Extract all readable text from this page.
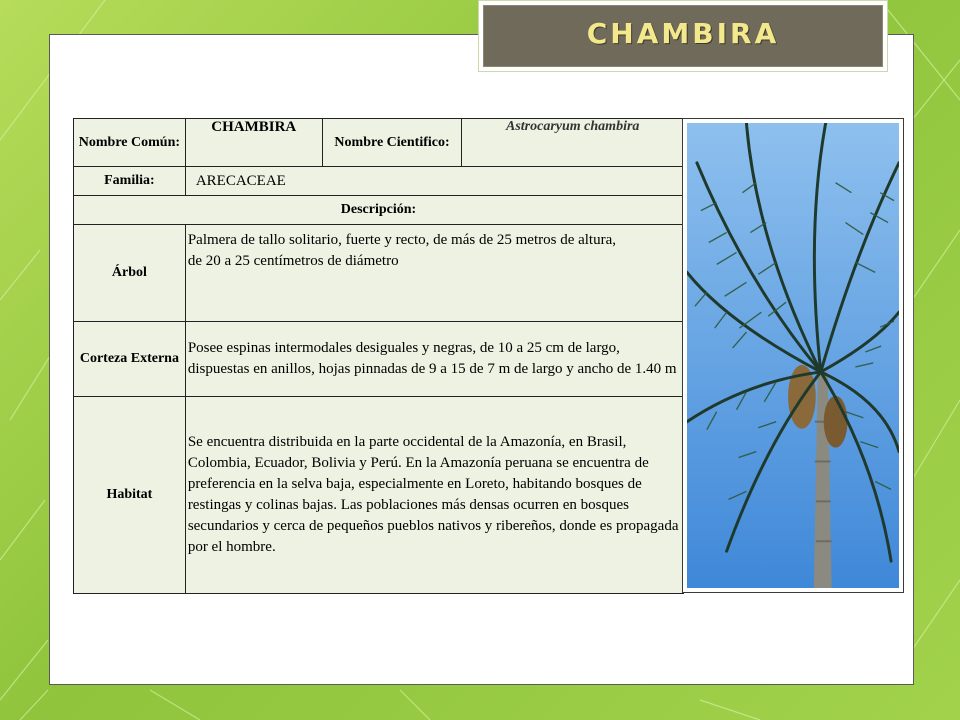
CHAMBIRA
Nombre Común:	CHAMBIRA	Nombre Cientifico:	Astrocaryum chambira
Familia:	ARECACEAE		
Descripción:			
Árbol	Palmera de tallo solitario, fuerte y recto, de más de 25 metros de altura,
de 20 a 25 centímetros de diámetro		
Corteza Externa	Posee espinas intermodales desiguales y negras, de 10 a 25 cm de largo, dispuestas en anillos, hojas pinnadas de 9 a 15 de 7 m de largo y ancho de 1.40 m		
Habitat	Se encuentra distribuida en la parte occidental de la Amazonía, en Brasil, Colombia, Ecuador, Bolivia y Perú. En la Amazonía peruana se encuentra de preferencia en la selva baja, especialmente en Loreto, habitando bosques de restingas y colinas bajas. Las poblaciones más densas ocurren en bosques secundarios y cerca de pequeños pueblos nativos y ribereños, donde es propagada por el hombre.		
